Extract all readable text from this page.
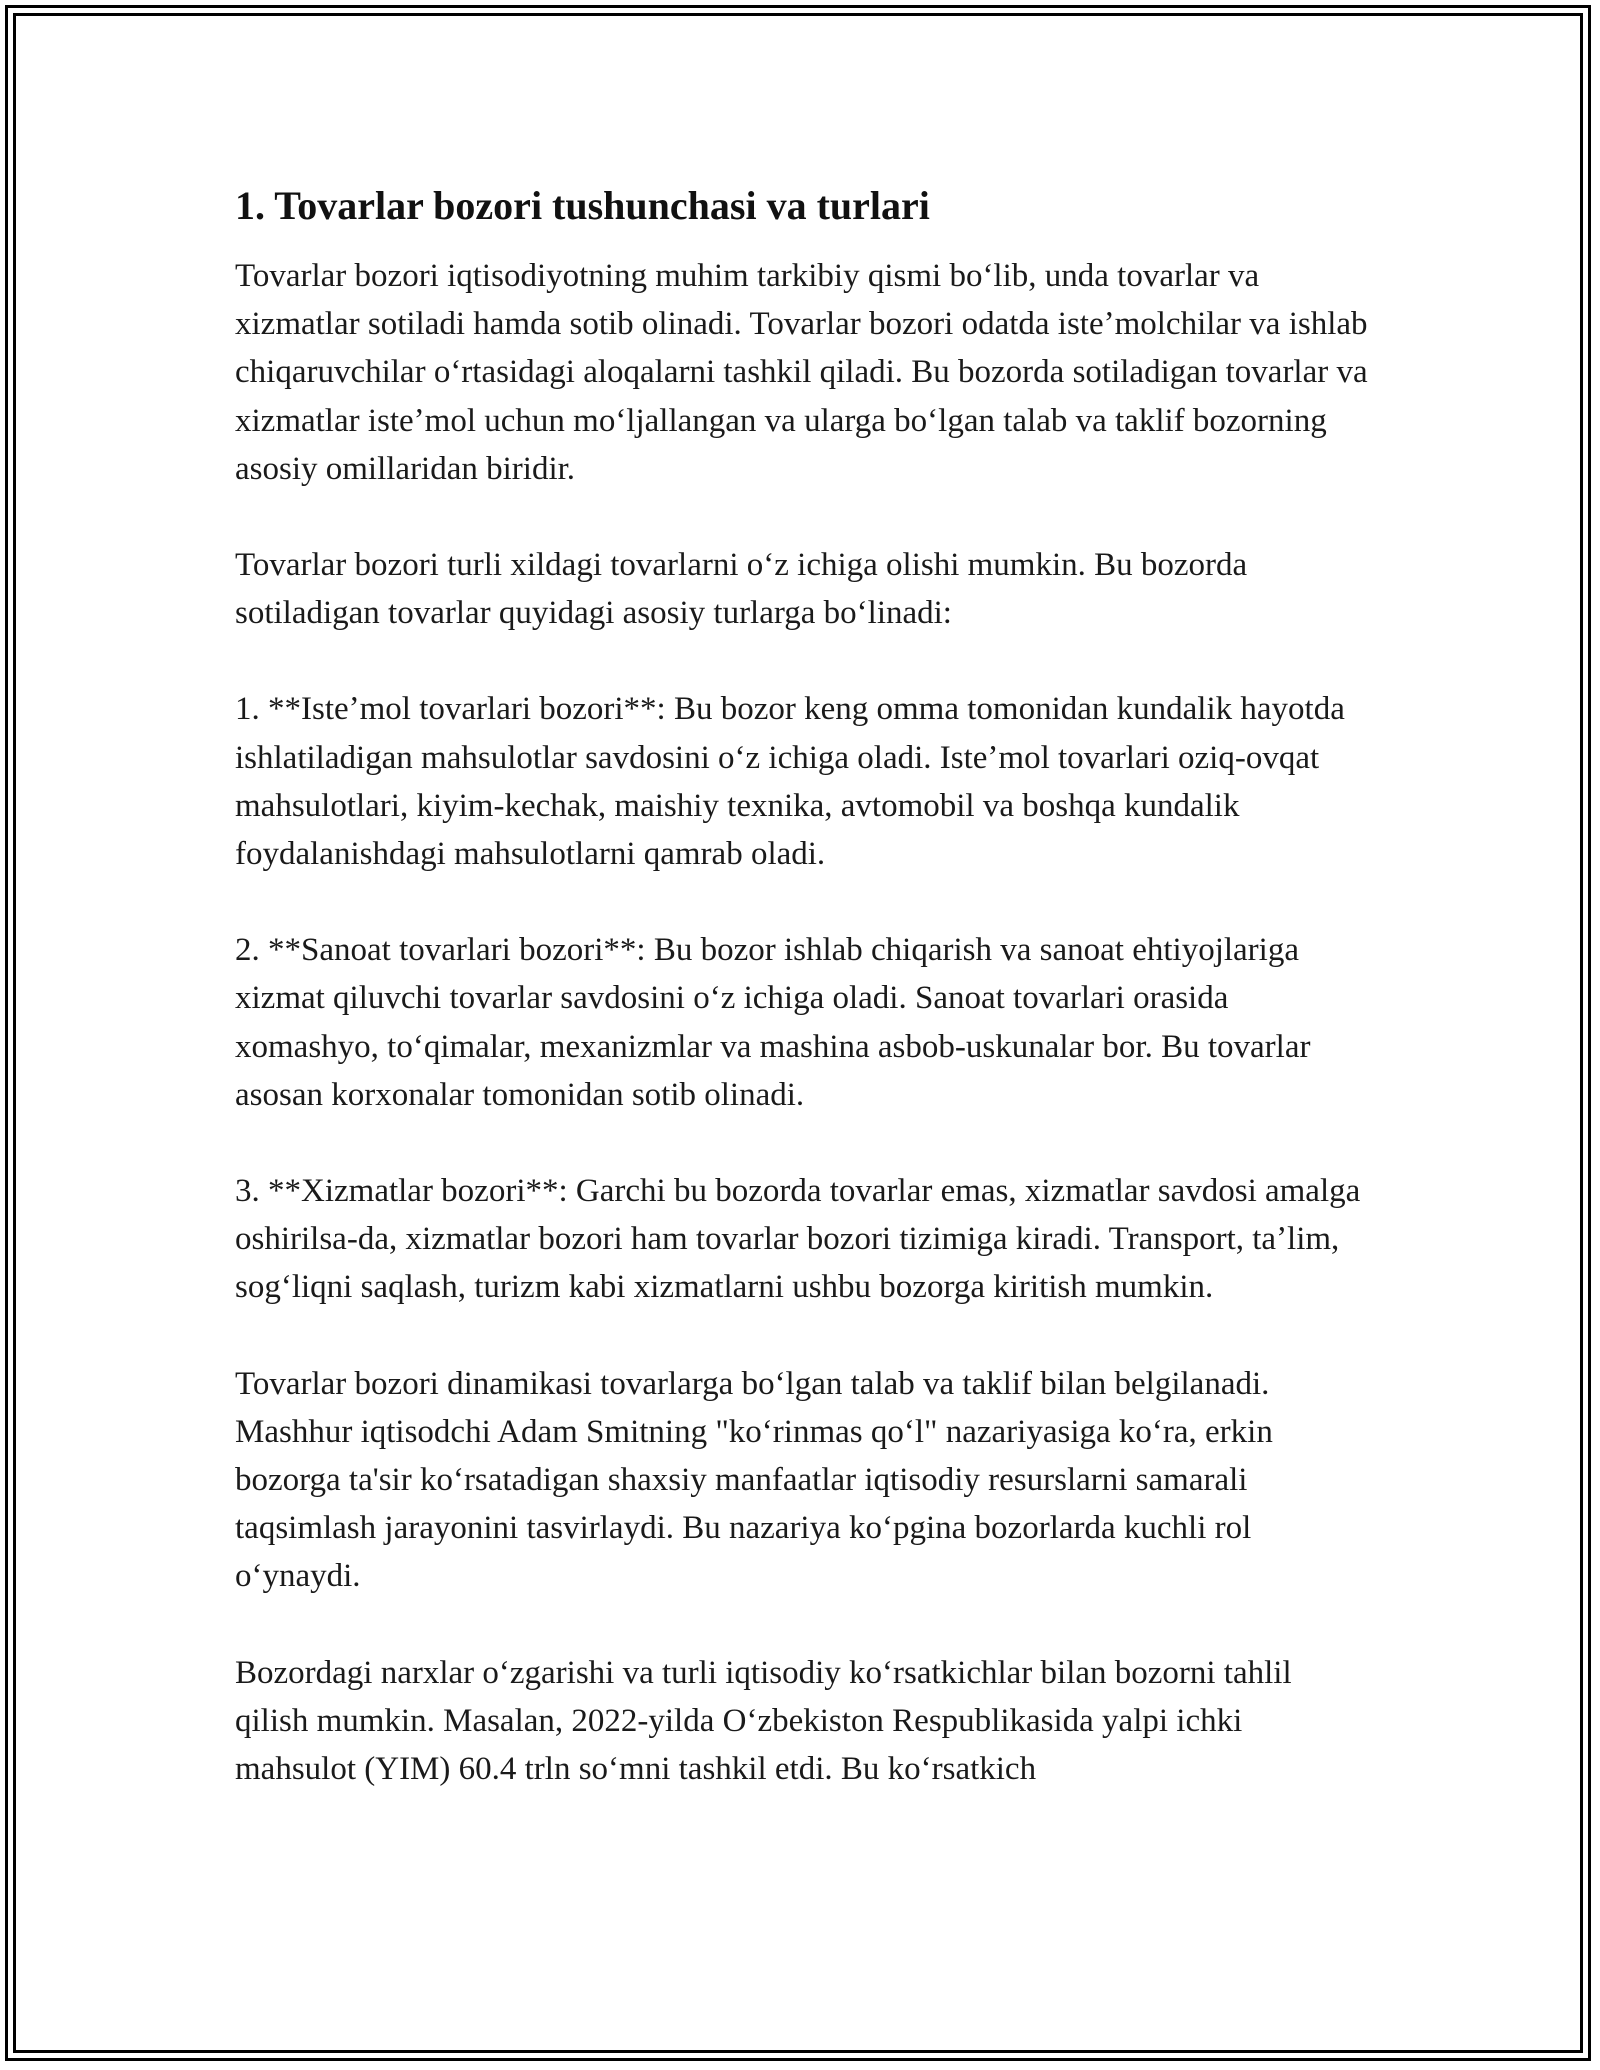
1. Tovarlar bozori tushunchasi va turlari

Tovarlar bozori iqtisodiyotning muhim tarkibiy qismi boʻlib, unda tovarlar va xizmatlar sotiladi hamda sotib olinadi. Tovarlar bozori odatda isteʼmolchilar va ishlab chiqaruvchilar oʻrtasidagi aloqalarni tashkil qiladi. Bu bozorda sotiladigan tovarlar va xizmatlar isteʼmol uchun moʻljallangan va ularga boʻlgan talab va taklif bozorning asosiy omillaridan biridir.

Tovarlar bozori turli xildagi tovarlarni oʻz ichiga olishi mumkin. Bu bozorda sotiladigan tovarlar quyidagi asosiy turlarga boʻlinadi:

1. **Isteʼmol tovarlari bozori**: Bu bozor keng omma tomonidan kundalik hayotda ishlatiladigan mahsulotlar savdosini oʻz ichiga oladi. Isteʼmol tovarlari oziq-ovqat mahsulotlari, kiyim-kechak, maishiy texnika, avtomobil va boshqa kundalik foydalanishdagi mahsulotlarni qamrab oladi.

2. **Sanoat tovarlari bozori**: Bu bozor ishlab chiqarish va sanoat ehtiyojlariga xizmat qiluvchi tovarlar savdosini oʻz ichiga oladi. Sanoat tovarlari orasida xomashyo, toʻqimalar, mexanizmlar va mashina asbob-uskunalar bor. Bu tovarlar asosan korxonalar tomonidan sotib olinadi.

3. **Xizmatlar bozori**: Garchi bu bozorda tovarlar emas, xizmatlar savdosi amalga oshirilsa-da, xizmatlar bozori ham tovarlar bozori tizimiga kiradi. Transport, taʼlim, sogʻliqni saqlash, turizm kabi xizmatlarni ushbu bozorga kiritish mumkin.

Tovarlar bozori dinamikasi tovarlarga boʻlgan talab va taklif bilan belgilanadi. Mashhur iqtisodchi Adam Smitning "koʻrinmas qoʻl" nazariyasiga koʻra, erkin bozorga ta'sir koʻrsatadigan shaxsiy manfaatlar iqtisodiy resurslarni samarali taqsimlash jarayonini tasvirlaydi. Bu nazariya koʻpgina bozorlarda kuchli rol oʻynaydi.

Bozordagi narxlar oʻzgarishi va turli iqtisodiy koʻrsatkichlar bilan bozorni tahlil qilish mumkin. Masalan, 2022-yilda Oʻzbekiston Respublikasida yalpi ichki mahsulot (YIM) 60.4 trln soʻmni tashkil etdi. Bu koʻrsatkich
